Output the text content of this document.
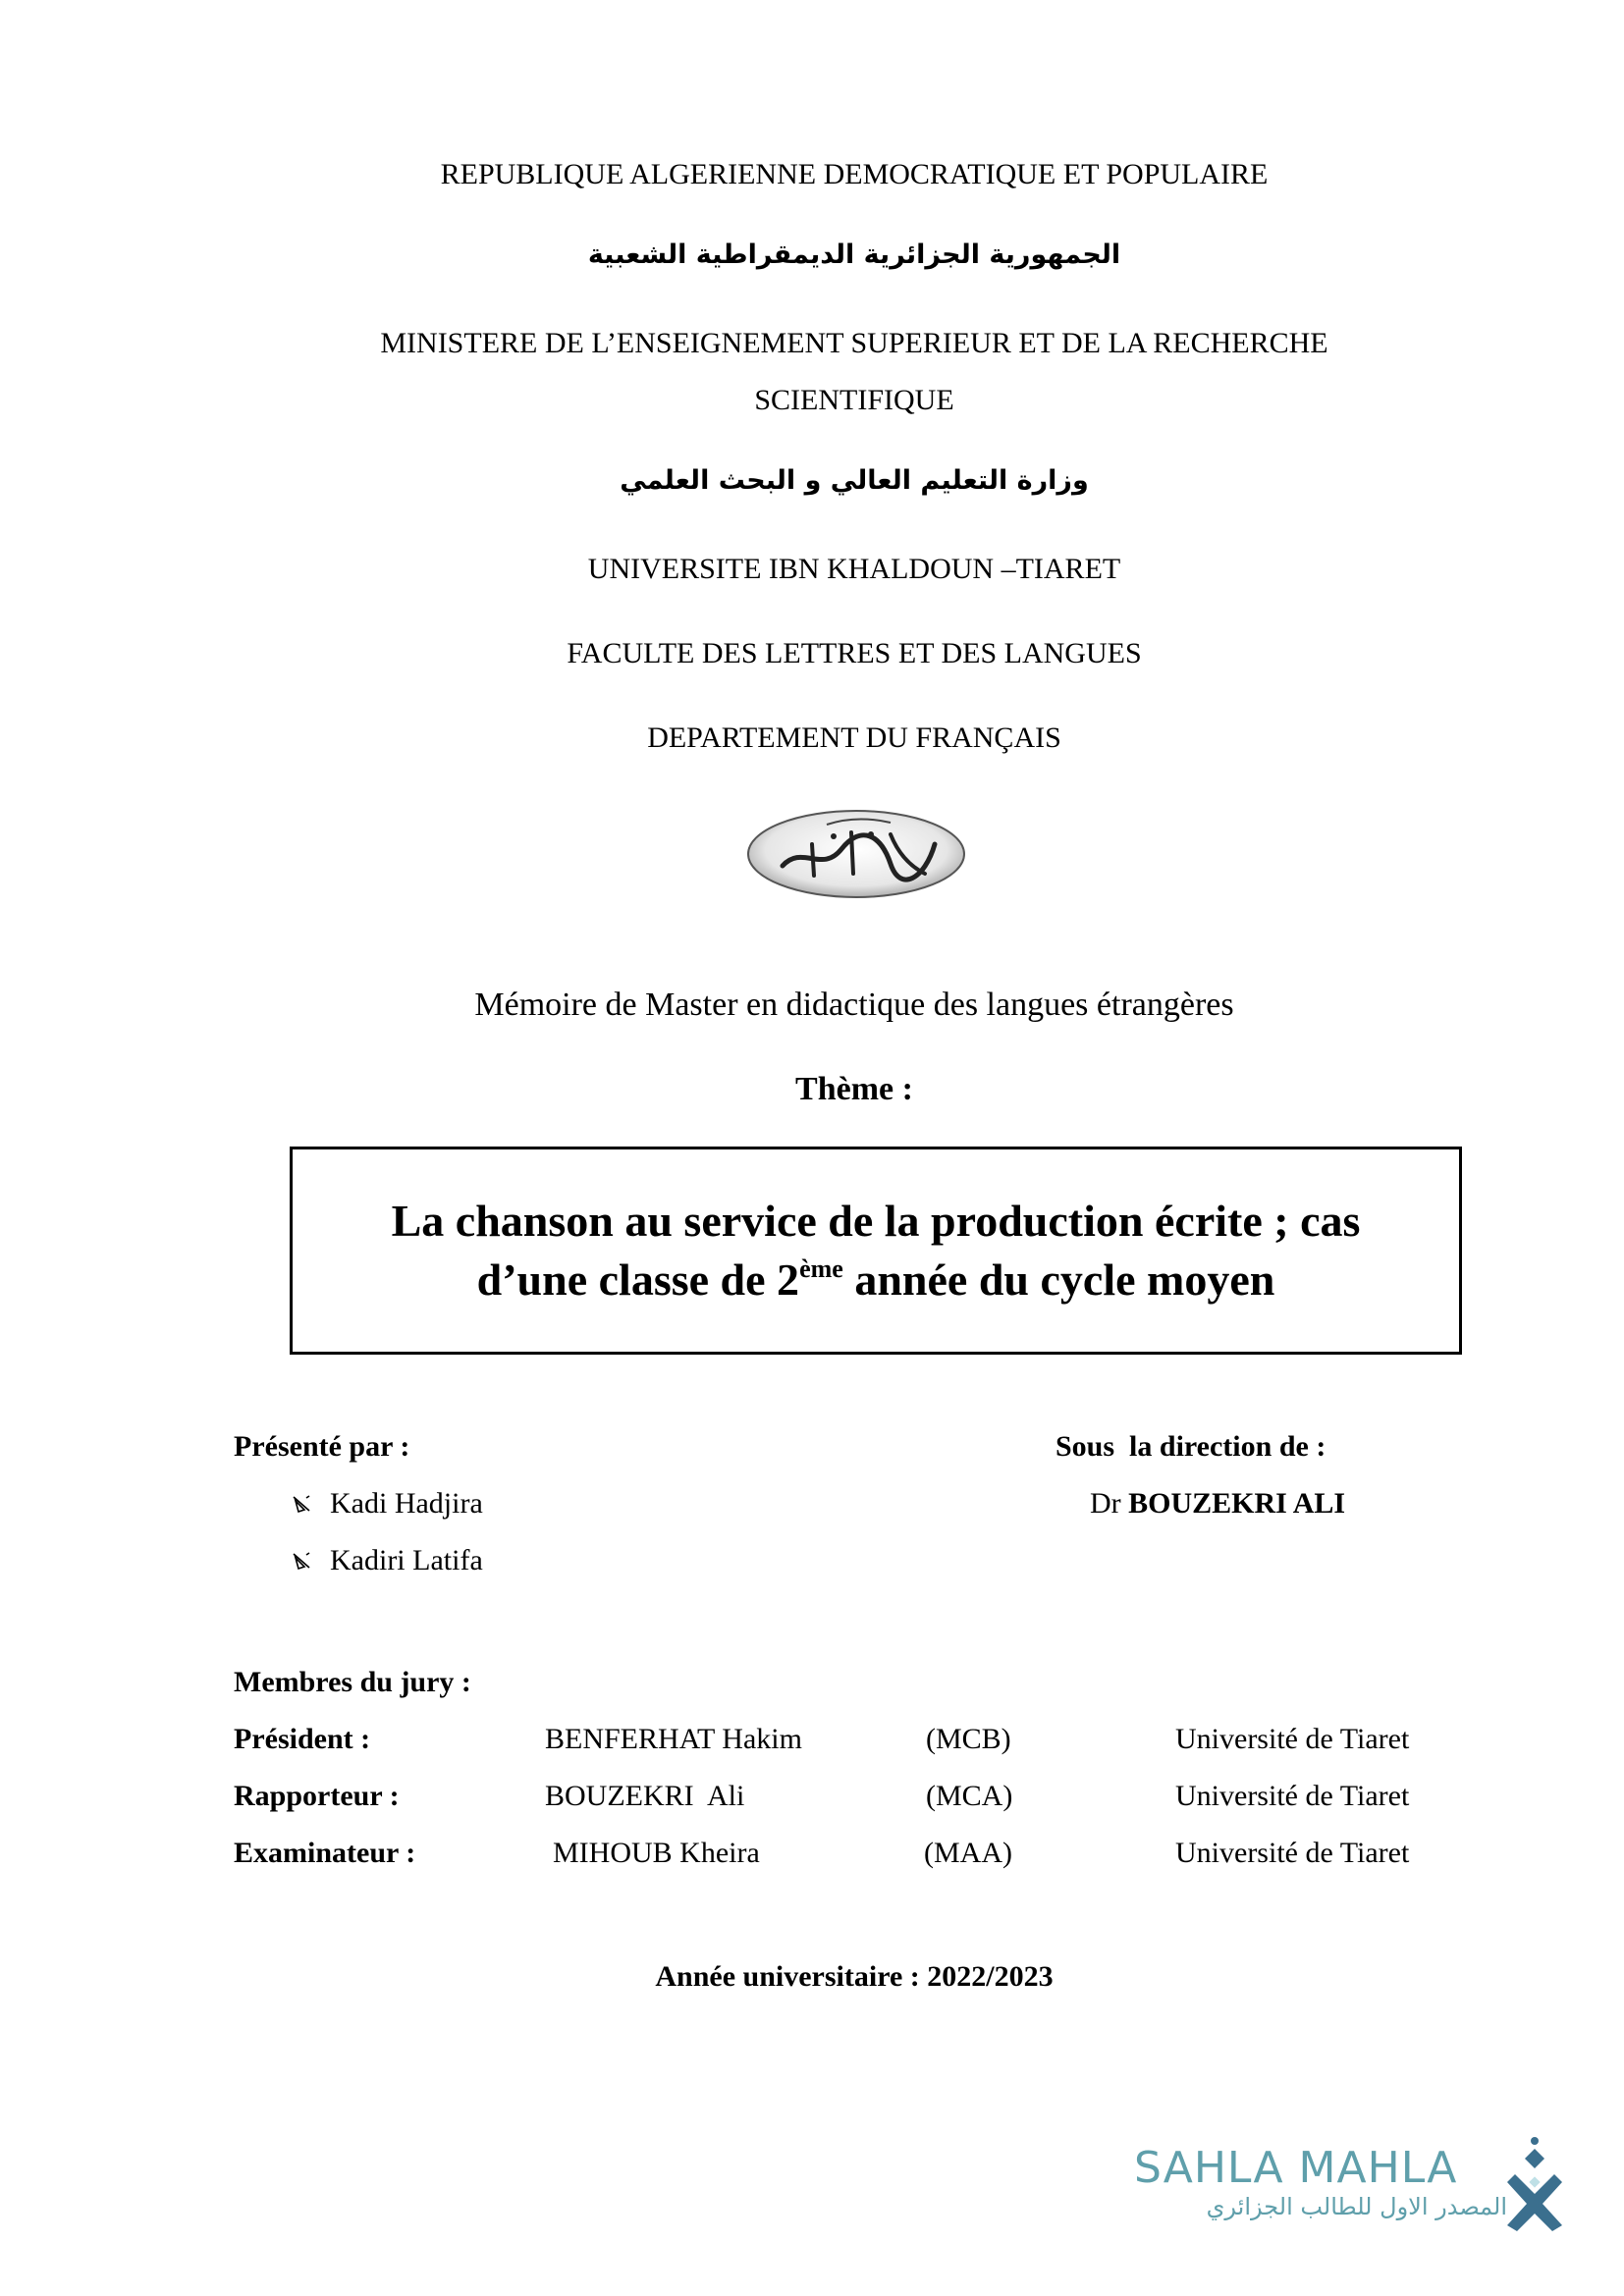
REPUBLIQUE ALGERIENNE DEMOCRATIQUE ET POPULAIRE
الجمهورية الجزائرية الديمقراطية الشعبية
MINISTERE DE L’ENSEIGNEMENT SUPERIEUR ET DE LA RECHERCHE
SCIENTIFIQUE
وزارة التعليم العالي و البحث العلمي
UNIVERSITE IBN KHALDOUN –TIARET
FACULTE DES LETTRES ET DES LANGUES
DEPARTEMENT DU FRANÇAIS
Mémoire de Master en didactique des langues étrangères
Thème :
La chanson au service de la production écrite ; cas
d’une classe de 2ème année du cycle moyen
Présenté par :
Kadi Hadjira
Kadiri Latifa
Sous  la direction de :
Dr BOUZEKRI ALI
Membres du jury :
Président :	BENFERHAT Hakim	(MCB)	Université de Tiaret
Rapporteur :	BOUZEKRI  Ali	(MCA)	Université de Tiaret
Examinateur :	MIHOUB Kheira	(MAA)	Université de Tiaret
Année universitaire : 2022/2023
SAHLA MAHLA
المصدر الاول للطالب الجزائري
